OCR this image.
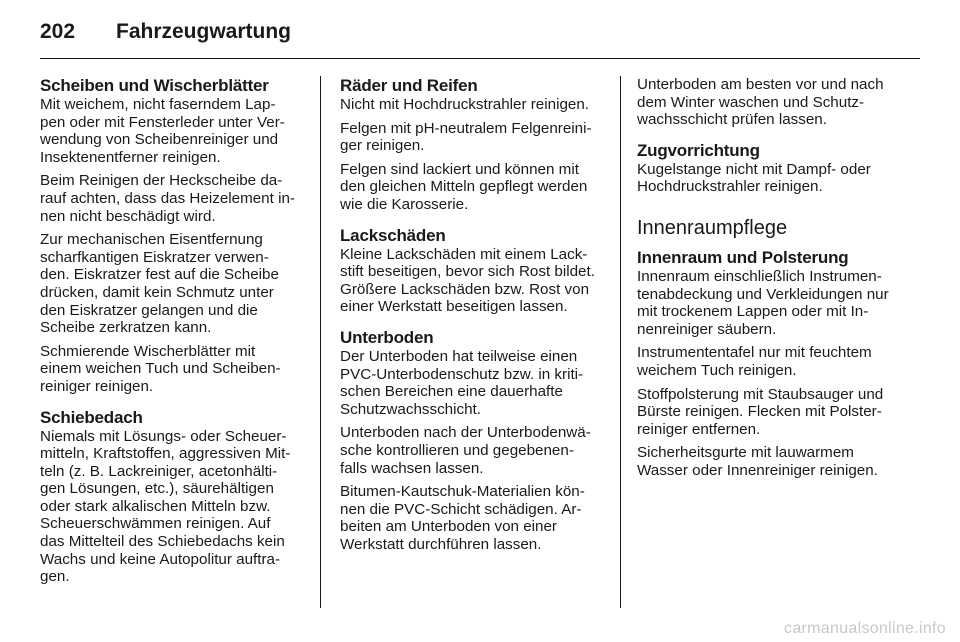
202 Fahrzeugwartung
Scheiben und Wischerblätter

Mit weichem, nicht faserndem Lap-
pen oder mit Fensterleder unter Ver-
wendung von Scheibenreiniger und
Insektenentferner reinigen.

Beim Reinigen der Heckscheibe da-
rauf achten, dass das Heizelement in-
nen nicht beschädigt wird.

Zur mechanischen Eisentfernung
scharfkantigen Eiskratzer verwen-
den. Eiskratzer fest auf die Scheibe
drücken, damit kein Schmutz unter
den Eiskratzer gelangen und die
Scheibe zerkratzen kann.

Schmierende Wischerblätter mit
einem weichen Tuch und Scheiben-
reiniger reinigen.

Schiebedach

Niemals mit Lösungs- oder Scheuer-
mitteln, Kraftstoffen, aggressiven Mit-
teln (z. B. Lackreiniger, acetonhälti-
gen Lösungen, etc.), säurehältigen
oder stark alkalischen Mitteln bzw.
Scheuerschwämmen reinigen. Auf
das Mittelteil des Schiebedachs kein
Wachs und keine Autopolitur auftra-
gen.

Räder und Reifen

Nicht mit Hochdruckstrahler reinigen.

Felgen mit pH-neutralem Felgenreini-
ger reinigen.

Felgen sind lackiert und können mit
den gleichen Mitteln gepflegt werden
wie die Karosserie.

Lackschäden

Kleine Lackschäden mit einem Lack-
stift beseitigen, bevor sich Rost bildet.
Größere Lackschäden bzw. Rost von
einer Werkstatt beseitigen lassen.

Unterboden

Der Unterboden hat teilweise einen
PVC-Unterbodenschutz bzw. in kriti-
schen Bereichen eine dauerhafte
Schutzwachsschicht.

Unterboden nach der Unterbodenwä-
sche kontrollieren und gegebenen-
falls wachsen lassen.

Bitumen-Kautschuk-Materialien kön-
nen die PVC-Schicht schädigen. Ar-
beiten am Unterboden von einer
Werkstatt durchführen lassen.

Unterboden am besten vor und nach
dem Winter waschen und Schutz-
wachsschicht prüfen lassen.

Zugvorrichtung

Kugelstange nicht mit Dampf- oder
Hochdruckstrahler reinigen.

Innenraumpflege
Innenraum und Polsterung

Innenraum einschließlich Instrumen-
tenabdeckung und Verkleidungen nur
mit trockenem Lappen oder mit In-
nenreiniger säubern.

Instrumententafel nur mit feuchtem
weichem Tuch reinigen.

Stoffpolsterung mit Staubsauger und
Bürste reinigen. Flecken mit Polster-
reiniger entfernen.

Sicherheitsgurte mit lauwarmem
Wasser oder Innenreiniger reinigen.

carmanualsonline.info
